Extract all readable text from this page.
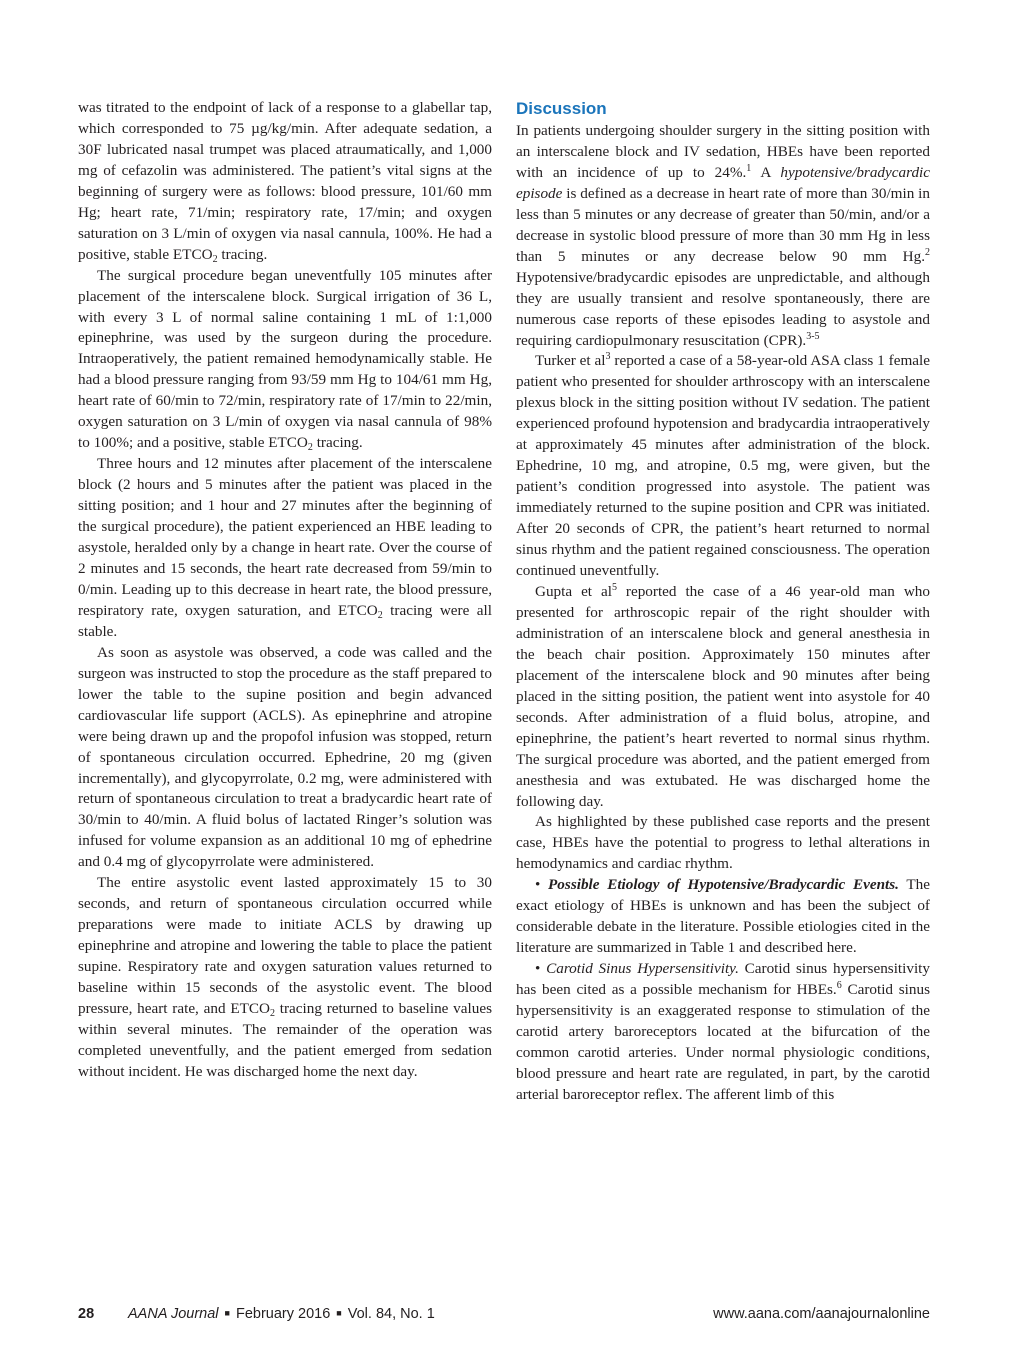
was titrated to the endpoint of lack of a response to a glabellar tap, which corresponded to 75 µg/kg/min. After adequate sedation, a 30F lubricated nasal trumpet was placed atraumatically, and 1,000 mg of cefazolin was administered. The patient’s vital signs at the beginning of surgery were as follows: blood pressure, 101/60 mm Hg; heart rate, 71/min; respiratory rate, 17/min; and oxygen saturation on 3 L/min of oxygen via nasal cannula, 100%. He had a positive, stable $ETCO_2$ tracing.

The surgical procedure began uneventfully 105 minutes after placement of the interscalene block. Surgical irrigation of 36 L, with every 3 L of normal saline containing 1 mL of 1:1,000 epinephrine, was used by the surgeon during the procedure. Intraoperatively, the patient remained hemodynamically stable. He had a blood pressure ranging from 93/59 mm Hg to 104/61 mm Hg, heart rate of 60/min to 72/min, respiratory rate of 17/min to 22/min, oxygen saturation on 3 L/min of oxygen via nasal cannula of 98% to 100%; and a positive, stable $ETCO_2$ tracing.

Three hours and 12 minutes after placement of the interscalene block (2 hours and 5 minutes after the patient was placed in the sitting position; and 1 hour and 27 minutes after the beginning of the surgical procedure), the patient experienced an HBE leading to asystole, heralded only by a change in heart rate. Over the course of 2 minutes and 15 seconds, the heart rate decreased from 59/min to 0/min. Leading up to this decrease in heart rate, the blood pressure, respiratory rate, oxygen saturation, and $ETCO_2$ tracing were all stable.

As soon as asystole was observed, a code was called and the surgeon was instructed to stop the procedure as the staff prepared to lower the table to the supine position and begin advanced cardiovascular life support (ACLS). As epinephrine and atropine were being drawn up and the propofol infusion was stopped, return of spontaneous circulation occurred. Ephedrine, 20 mg (given incrementally), and glycopyrrolate, 0.2 mg, were administered with return of spontaneous circulation to treat a bradycardic heart rate of 30/min to 40/min. A fluid bolus of lactated Ringer’s solution was infused for volume expansion as an additional 10 mg of ephedrine and 0.4 mg of glycopyrrolate were administered.

The entire asystolic event lasted approximately 15 to 30 seconds, and return of spontaneous circulation occurred while preparations were made to initiate ACLS by drawing up epinephrine and atropine and lowering the table to place the patient supine. Respiratory rate and oxygen saturation values returned to baseline within 15 seconds of the asystolic event. The blood pressure, heart rate, and $ETCO_2$ tracing returned to baseline values within several minutes. The remainder of the operation was completed uneventfully, and the patient emerged from sedation without incident. He was discharged home the next day.

Discussion

In patients undergoing shoulder surgery in the sitting position with an interscalene block and IV sedation, HBEs have been reported with an incidence of up to 24%.$^1$ A hypotensive/bradycardic episode is defined as a decrease in heart rate of more than 30/min in less than 5 minutes or any decrease of greater than 50/min, and/or a decrease in systolic blood pressure of more than 30 mm Hg in less than 5 minutes or any decrease below 90 mm Hg.$^2$ Hypotensive/bradycardic episodes are unpredictable, and although they are usually transient and resolve spontaneously, there are numerous case reports of these episodes leading to asystole and requiring cardiopulmonary resuscitation (CPR).$^{3-5}$

Turker et $al^3$ reported a case of a 58-year-old ASA class 1 female patient who presented for shoulder arthroscopy with an interscalene plexus block in the sitting position without IV sedation. The patient experienced profound hypotension and bradycardia intraoperatively at approximately 45 minutes after administration of the block. Ephedrine, 10 mg, and atropine, 0.5 mg, were given, but the patient’s condition progressed into asystole. The patient was immediately returned to the supine position and CPR was initiated. After 20 seconds of CPR, the patient’s heart returned to normal sinus rhythm and the patient regained consciousness. The operation continued uneventfully.

Gupta et $al^5$ reported the case of a 46 year-old man who presented for arthroscopic repair of the right shoulder with administration of an interscalene block and general anesthesia in the beach chair position. Approximately 150 minutes after placement of the interscalene block and 90 minutes after being placed in the sitting position, the patient went into asystole for 40 seconds. After administration of a fluid bolus, atropine, and epinephrine, the patient’s heart reverted to normal sinus rhythm. The surgical procedure was aborted, and the patient emerged from anesthesia and was extubated. He was discharged home the following day.

As highlighted by these published case reports and the present case, HBEs have the potential to progress to lethal alterations in hemodynamics and cardiac rhythm.

• Possible Etiology of Hypotensive/Bradycardic Events. The exact etiology of HBEs is unknown and has been the subject of considerable debate in the literature. Possible etiologies cited in the literature are summarized in Table 1 and described here.

• Carotid Sinus Hypersensitivity. Carotid sinus hypersensitivity has been cited as a possible mechanism for HBEs.$^6$ Carotid sinus hypersensitivity is an exaggerated response to stimulation of the carotid artery baroreceptors located at the bifurcation of the common carotid arteries. Under normal physiologic conditions, blood pressure and heart rate are regulated, in part, by the carotid arterial baroreceptor reflex. The afferent limb of this

28 AANA Journal ■ February 2016 ■ Vol. 84, No. 1	www.aana.com/aanajournalonline
